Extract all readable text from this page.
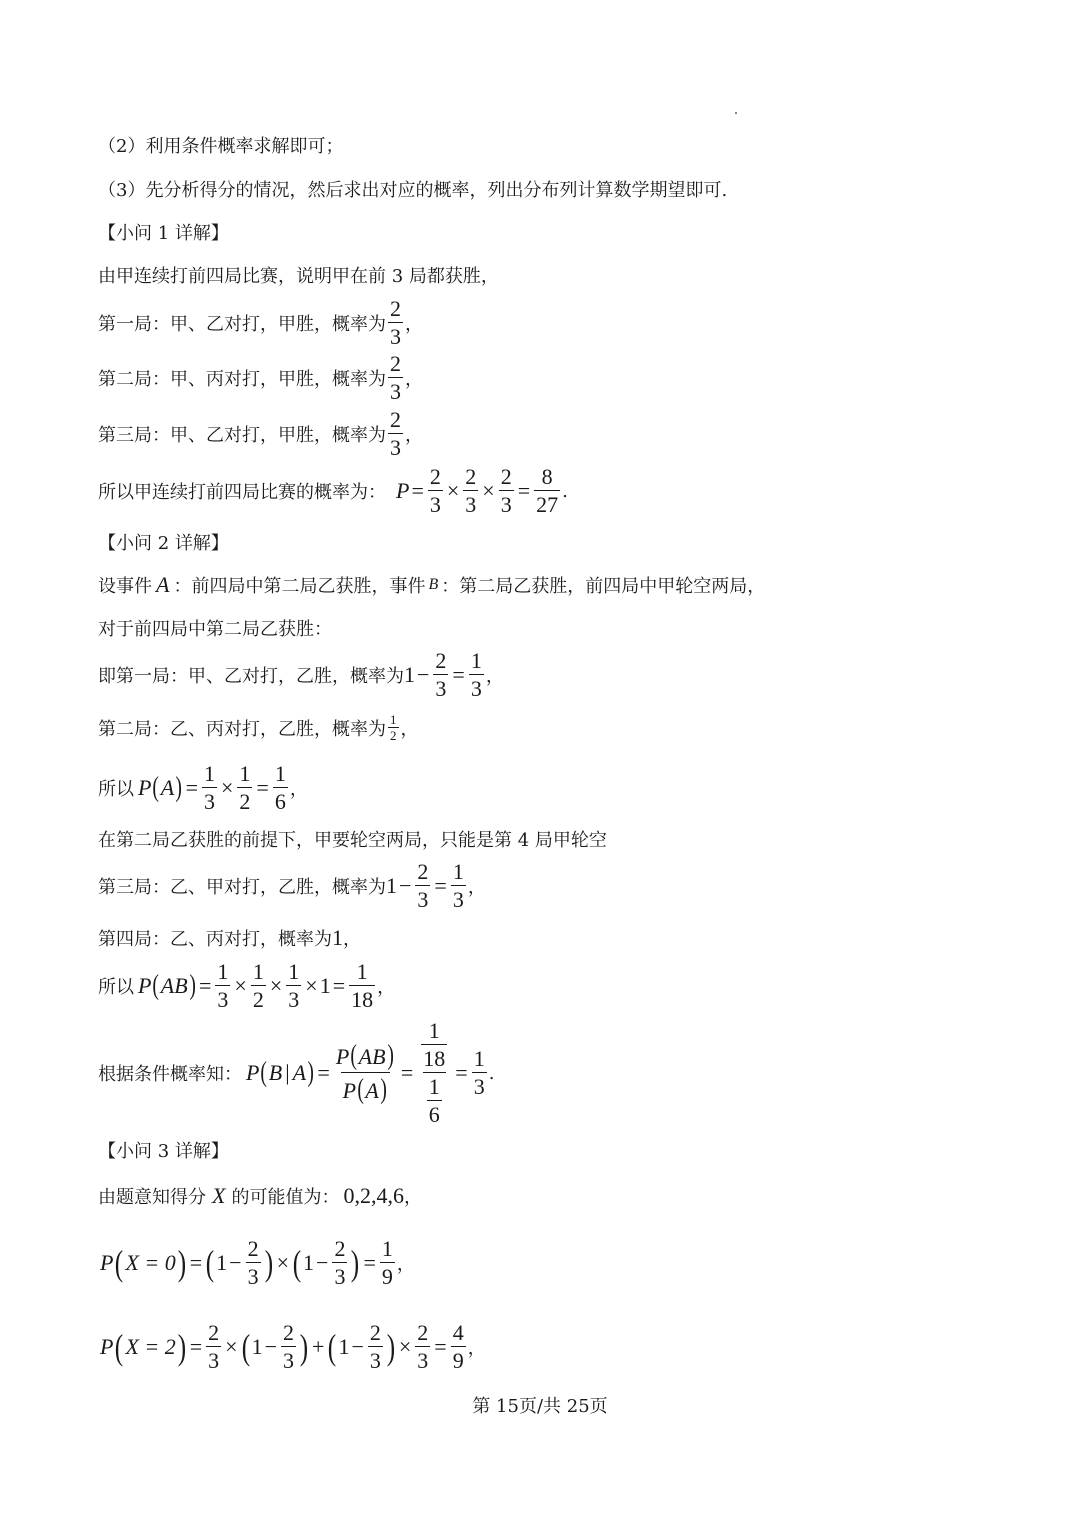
（2）利用条件概率求解即可；
（3）先分析得分的情况，然后求出对应的概率，列出分布列计算数学期望即可.
【小问 1 详解】
由甲连续打前四局比赛，说明甲在前 3 局都获胜，
第一局：甲、乙对打，甲胜，概率为 $\frac{2}{3}$ ，
第二局：甲、丙对打，甲胜，概率为 $\frac{2}{3}$ ，
第三局：甲、乙对打，甲胜，概率为 $\frac{2}{3}$ ，
所以甲连续打前四局比赛的概率为： $P = \frac{2}{3} \times \frac{2}{3} \times \frac{2}{3} = \frac{8}{27}$ .
【小问 2 详解】
设事件 A ：前四局中第二局乙获胜，事件 B ：第二局乙获胜，前四局中甲轮空两局，
对于前四局中第二局乙获胜：
即第一局：甲、乙对打，乙胜，概率为 $1 - \frac{2}{3} = \frac{1}{3}$ ，
第二局：乙、丙对打，乙胜，概率为 $\frac{1}{2}$ ，
所以 P ( A ) = $\frac{1}{3} \times \frac{1}{2} = \frac{1}{6}$ ，
在第二局乙获胜的前提下，甲要轮空两局，只能是第 4 局甲轮空
第三局：乙、甲对打，乙胜，概率为 $1 - \frac{2}{3} = \frac{1}{3}$ ，
第四局：乙、丙对打，概率为 1 ，
所以 P ( AB ) = $\frac{1}{3} \times \frac{1}{2} \times \frac{1}{3} \times 1 = \frac{1}{18}$ ，
根据条件概率知： P ( B | A ) = $\frac{P(AB)}{P(A)} = \frac{\frac{1}{18}}{\frac{1}{6}} = \frac{1}{3}$ .
【小问 3 详解】
由题意知得分 X 的可能值为： 0,2,4,6 ，
P ( X = 0 ) = ( $1 - \frac{2}{3}$ ) × ( $1 - \frac{2}{3}$ ) = $\frac{1}{9}$ ，
P ( X = 2 ) = $\frac{2}{3}$ × ( $1 - \frac{2}{3}$ ) + ( $1 - \frac{2}{3}$ ) × $\frac{2}{3} = \frac{4}{9}$ ，
第 15页/共 25页
